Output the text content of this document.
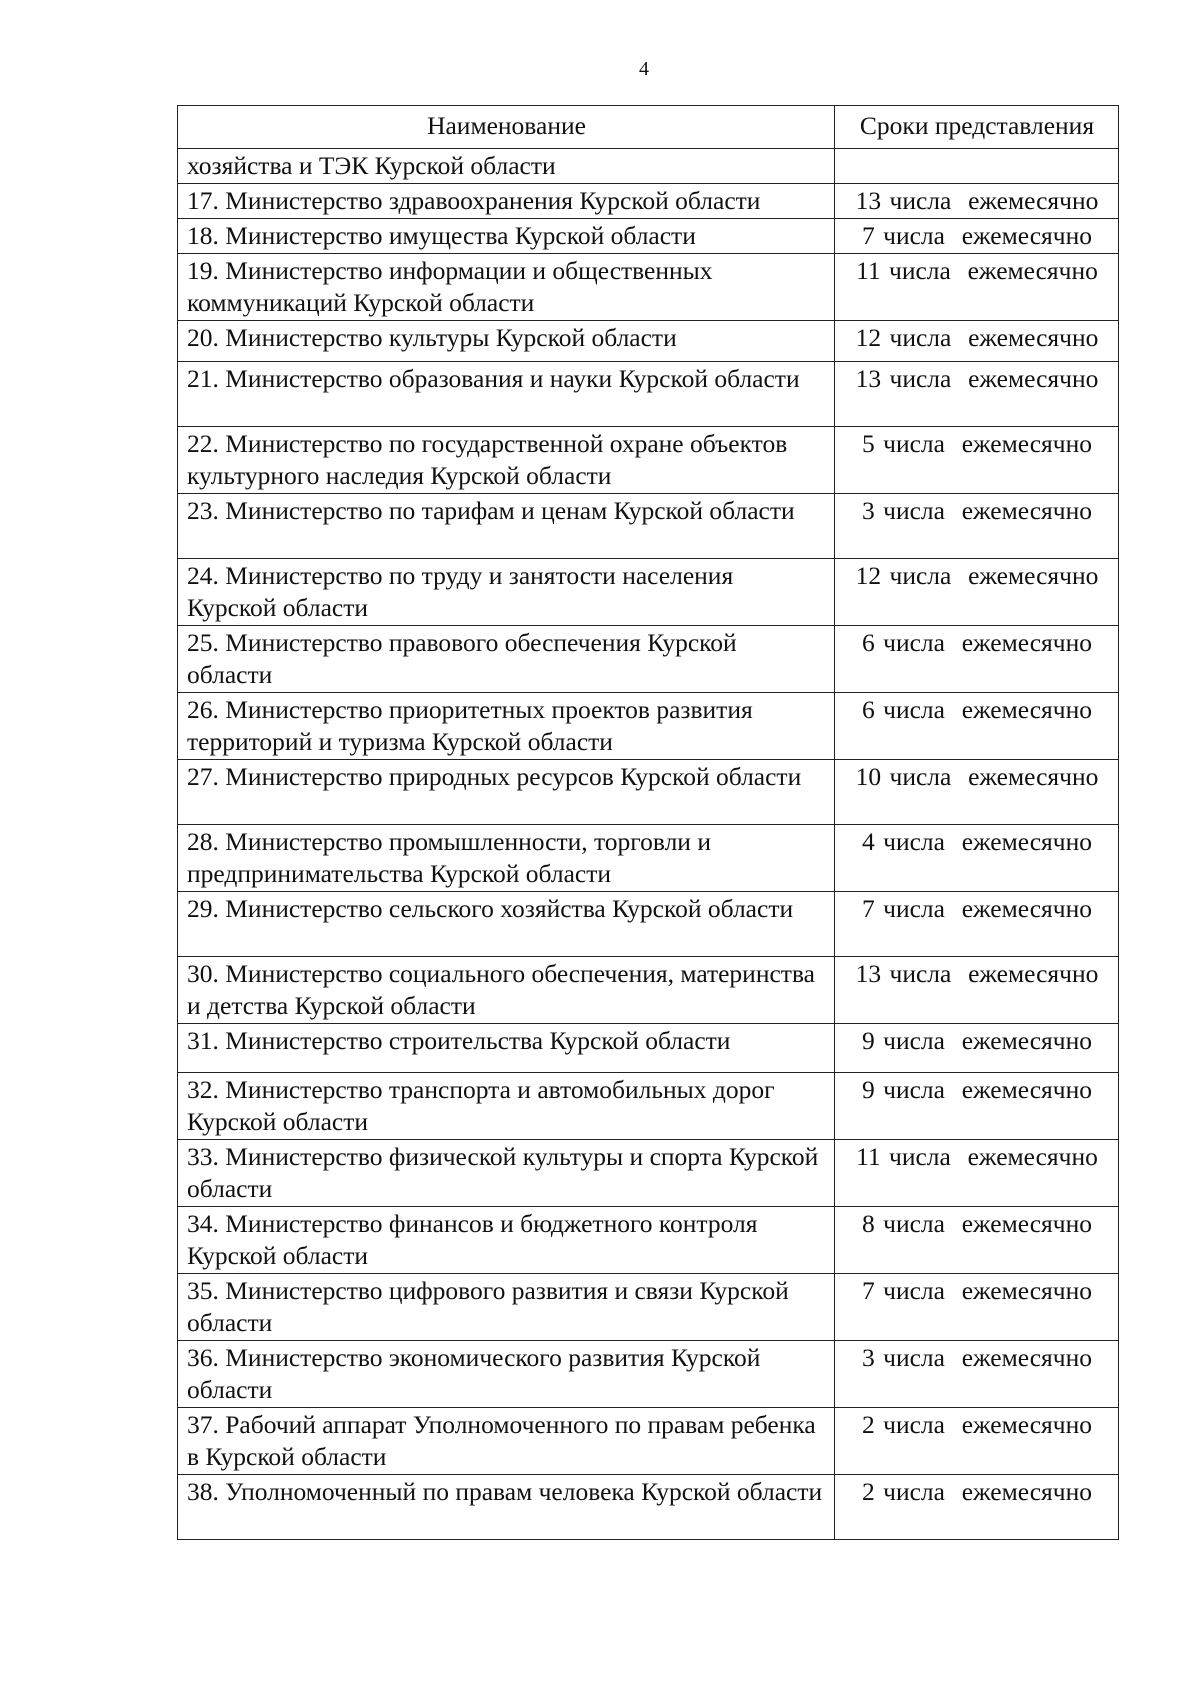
4
Наименование	Сроки представления
хозяйства и ТЭК Курской области	
17. Министерство здравоохранения Курской области	13 числа  ежемесячно
18. Министерство имущества Курской области	7 числа  ежемесячно
19. Министерство информации и общественных коммуникаций Курской области	11 числа  ежемесячно
20. Министерство культуры Курской области	12 числа  ежемесячно
21. Министерство образования и науки Курской области	13 числа  ежемесячно
22. Министерство по государственной охране объектов культурного наследия Курской области	5 числа  ежемесячно
23. Министерство по тарифам и ценам Курской области	3 числа  ежемесячно
24. Министерство по труду и занятости населения Курской области	12 числа  ежемесячно
25. Министерство правового обеспечения Курской области	6 числа  ежемесячно
26. Министерство приоритетных проектов развития территорий и туризма Курской области	6 числа  ежемесячно
27. Министерство природных ресурсов Курской области	10 числа  ежемесячно
28. Министерство промышленности, торговли и предпринимательства Курской области	4 числа  ежемесячно
29. Министерство сельского хозяйства Курской области	7 числа  ежемесячно
30. Министерство социального обеспечения, материнства и детства Курской области	13 числа  ежемесячно
31. Министерство строительства Курской области	9 числа  ежемесячно
32. Министерство транспорта и автомобильных дорог Курской области	9 числа  ежемесячно
33. Министерство физической культуры и спорта Курской области	11 числа  ежемесячно
34. Министерство финансов и бюджетного контроля Курской области	8 числа  ежемесячно
35. Министерство цифрового развития и связи Курской области	7 числа  ежемесячно
36. Министерство экономического развития Курской области	3 числа  ежемесячно
37. Рабочий аппарат Уполномоченного по правам ребенка в Курской области	2 числа  ежемесячно
38. Уполномоченный по правам человека Курской области	2 числа  ежемесячно
